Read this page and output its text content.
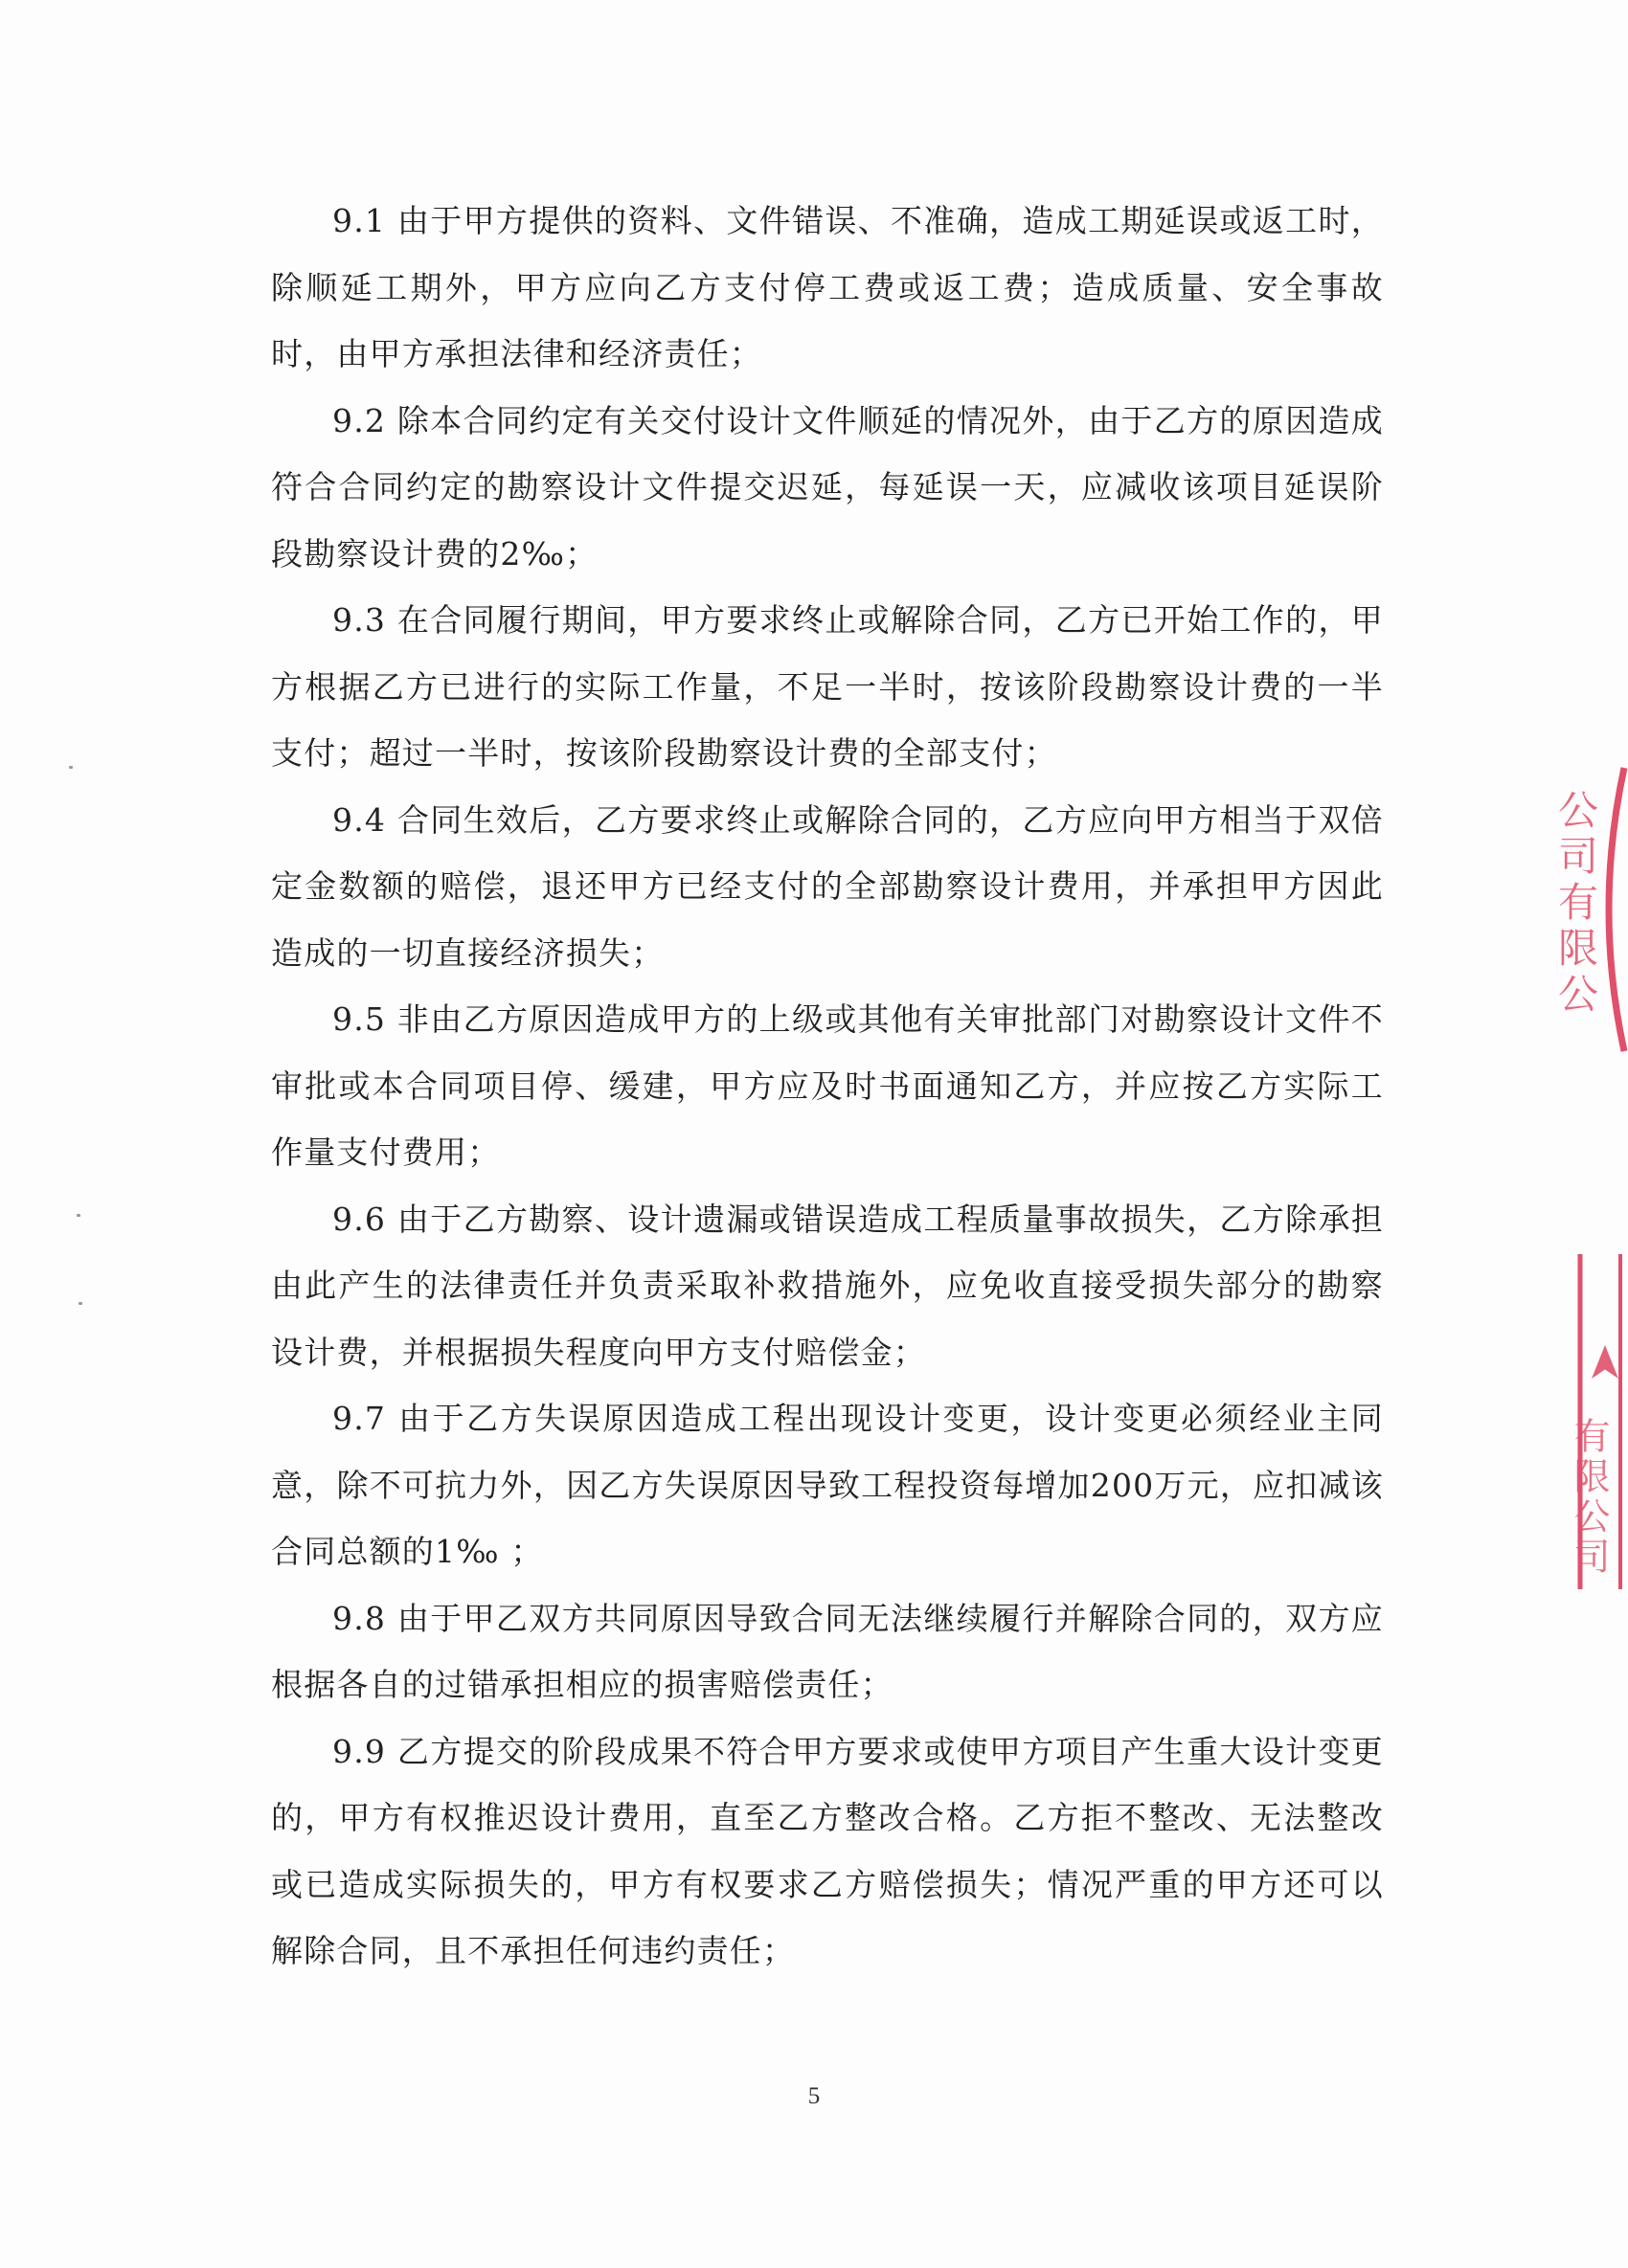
9.1 由于甲方提供的资料、文件错误、不准确，造成工期延误或返工时，除顺延工期外，甲方应向乙方支付停工费或返工费；造成质量、安全事故时，由甲方承担法律和经济责任；

9.2 除本合同约定有关交付设计文件顺延的情况外，由于乙方的原因造成符合合同约定的勘察设计文件提交迟延，每延误一天，应减收该项目延误阶段勘察设计费的2‰；

9.3 在合同履行期间，甲方要求终止或解除合同，乙方已开始工作的，甲方根据乙方已进行的实际工作量，不足一半时，按该阶段勘察设计费的一半支付；超过一半时，按该阶段勘察设计费的全部支付；

9.4 合同生效后，乙方要求终止或解除合同的，乙方应向甲方相当于双倍定金数额的赔偿，退还甲方已经支付的全部勘察设计费用，并承担甲方因此造成的一切直接经济损失；

9.5 非由乙方原因造成甲方的上级或其他有关审批部门对勘察设计文件不审批或本合同项目停、缓建，甲方应及时书面通知乙方，并应按乙方实际工作量支付费用；

9.6 由于乙方勘察、设计遗漏或错误造成工程质量事故损失，乙方除承担由此产生的法律责任并负责采取补救措施外，应免收直接受损失部分的勘察设计费，并根据损失程度向甲方支付赔偿金；

9.7 由于乙方失误原因造成工程出现设计变更，设计变更必须经业主同意，除不可抗力外，因乙方失误原因导致工程投资每增加200万元，应扣减该合同总额的1‰ ；

9.8 由于甲乙双方共同原因导致合同无法继续履行并解除合同的，双方应根据各自的过错承担相应的损害赔偿责任；

9.9 乙方提交的阶段成果不符合甲方要求或使甲方项目产生重大设计变更的，甲方有权推迟设计费用，直至乙方整改合格。乙方拒不整改、无法整改或已造成实际损失的，甲方有权要求乙方赔偿损失；情况严重的甲方还可以解除合同，且不承担任何违约责任；

5
公司有限公
有限公司
